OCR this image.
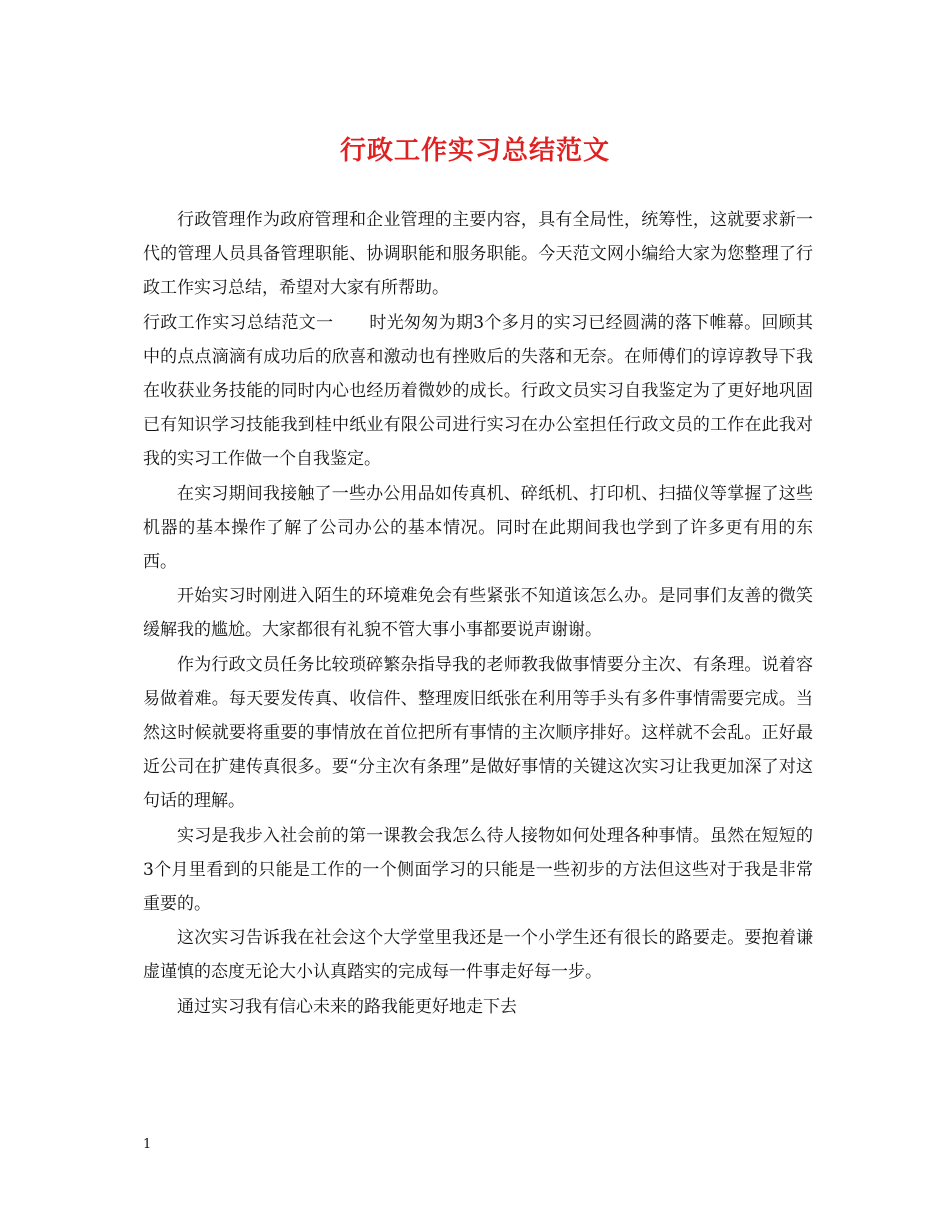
行政工作实习总结范文

行政管理作为政府管理和企业管理的主要内容，具有全局性，统筹性，这就要求新一代的管理人员具备管理职能、协调职能和服务职能。今天范文网小编给大家为您整理了行政工作实习总结，希望对大家有所帮助。

行政工作实习总结范文一 时光匆匆为期3个多月的实习已经圆满的落下帷幕。回顾其中的点点滴滴有成功后的欣喜和激动也有挫败后的失落和无奈。在师傅们的谆谆教导下我在收获业务技能的同时内心也经历着微妙的成长。行政文员实习自我鉴定为了更好地巩固已有知识学习技能我到桂中纸业有限公司进行实习在办公室担任行政文员的工作在此我对我的实习工作做一个自我鉴定。

在实习期间我接触了一些办公用品如传真机、碎纸机、打印机、扫描仪等掌握了这些机器的基本操作了解了公司办公的基本情况。同时在此期间我也学到了许多更有用的东西。

开始实习时刚进入陌生的环境难免会有些紧张不知道该怎么办。是同事们友善的微笑缓解我的尴尬。大家都很有礼貌不管大事小事都要说声谢谢。

作为行政文员任务比较琐碎繁杂指导我的老师教我做事情要分主次、有条理。说着容易做着难。每天要发传真、收信件、整理废旧纸张在利用等手头有多件事情需要完成。当然这时候就要将重要的事情放在首位把所有事情的主次顺序排好。这样就不会乱。正好最近公司在扩建传真很多。要“分主次有条理”是做好事情的关键这次实习让我更加深了对这句话的理解。

实习是我步入社会前的第一课教会我怎么待人接物如何处理各种事情。虽然在短短的3个月里看到的只能是工作的一个侧面学习的只能是一些初步的方法但这些对于我是非常重要的。

这次实习告诉我在社会这个大学堂里我还是一个小学生还有很长的路要走。要抱着谦虚谨慎的态度无论大小认真踏实的完成每一件事走好每一步。

通过实习我有信心未来的路我能更好地走下去

1
